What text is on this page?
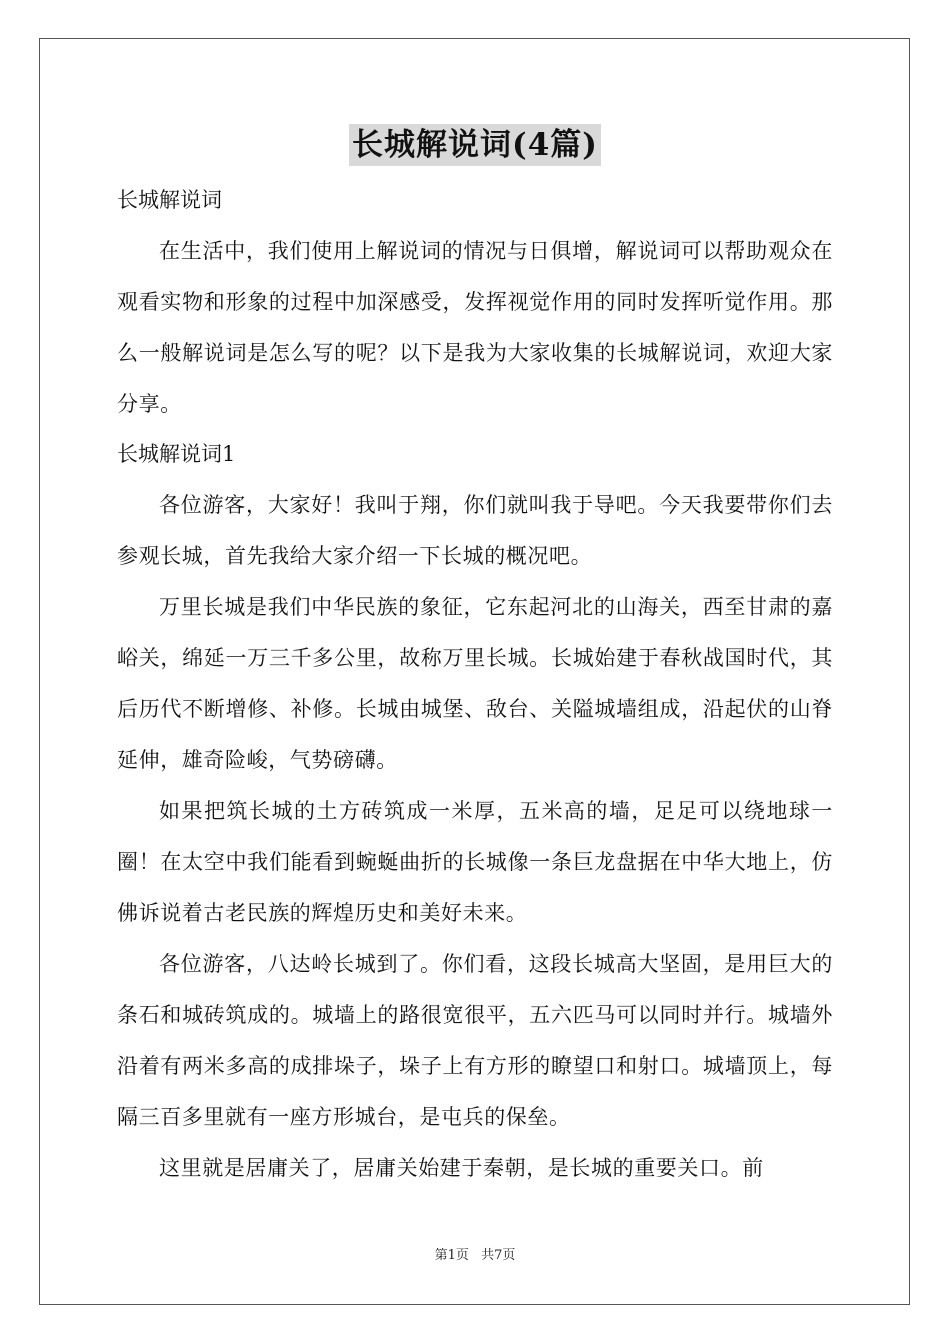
长城解说词(4篇)
长城解说词

在生活中，我们使用上解说词的情况与日俱增，解说词可以帮助观众在观看实物和形象的过程中加深感受，发挥视觉作用的同时发挥听觉作用。那么一般解说词是怎么写的呢？以下是我为大家收集的长城解说词，欢迎大家分享。

长城解说词1

各位游客，大家好！我叫于翔，你们就叫我于导吧。今天我要带你们去参观长城，首先我给大家介绍一下长城的概况吧。

万里长城是我们中华民族的象征，它东起河北的山海关，西至甘肃的嘉峪关，绵延一万三千多公里，故称万里长城。长城始建于春秋战国时代，其后历代不断增修、补修。长城由城堡、敌台、关隘城墙组成，沿起伏的山脊延伸，雄奇险峻，气势磅礴。

如果把筑长城的土方砖筑成一米厚，五米高的墙，足足可以绕地球一圈！在太空中我们能看到蜿蜒曲折的长城像一条巨龙盘据在中华大地上，仿佛诉说着古老民族的辉煌历史和美好未来。

各位游客，八达岭长城到了。你们看，这段长城高大坚固，是用巨大的条石和城砖筑成的。城墙上的路很宽很平，五六匹马可以同时并行。城墙外沿着有两米多高的成排垛子，垛子上有方形的瞭望口和射口。城墙顶上，每隔三百多里就有一座方形城台，是屯兵的保垒。

这里就是居庸关了，居庸关始建于秦朝，是长城的重要关口。前

第1页 共7页
